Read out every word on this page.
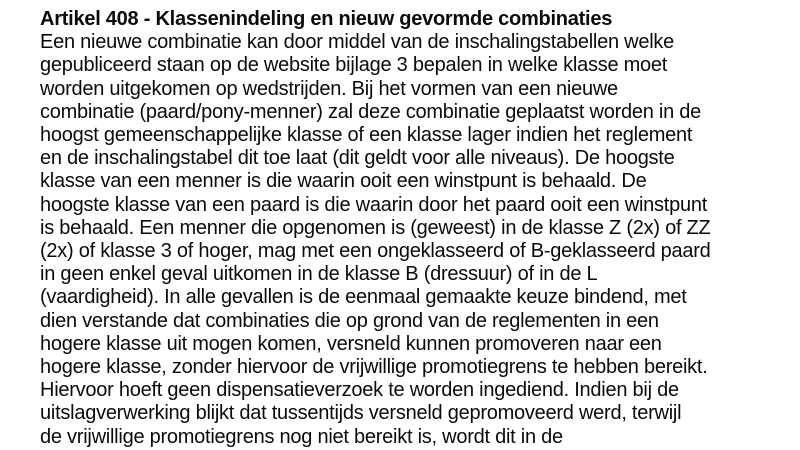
Artikel 408 - Klassenindeling en nieuw gevormde combinaties

Een nieuwe combinatie kan door middel van de inschalingstabellen welke

gepubliceerd staan op de website bijlage 3 bepalen in welke klasse moet

worden uitgekomen op wedstrijden. Bij het vormen van een nieuwe

combinatie (paard/pony-menner) zal deze combinatie geplaatst worden in de

hoogst gemeenschappelijke klasse of een klasse lager indien het reglement

en de inschalingstabel dit toe laat (dit geldt voor alle niveaus). De hoogste

klasse van een menner is die waarin ooit een winstpunt is behaald. De

hoogste klasse van een paard is die waarin door het paard ooit een winstpunt

is behaald. Een menner die opgenomen is (geweest) in de klasse Z (2x) of ZZ

(2x) of klasse 3 of hoger, mag met een ongeklasseerd of B-geklasseerd paard

in geen enkel geval uitkomen in de klasse B (dressuur) of in de L

(vaardigheid). In alle gevallen is de eenmaal gemaakte keuze bindend, met

dien verstande dat combinaties die op grond van de reglementen in een

hogere klasse uit mogen komen, versneld kunnen promoveren naar een

hogere klasse, zonder hiervoor de vrijwillige promotiegrens te hebben bereikt.

Hiervoor hoeft geen dispensatieverzoek te worden ingediend. Indien bij de

uitslagverwerking blijkt dat tussentijds versneld gepromoveerd werd, terwijl

de vrijwillige promotiegrens nog niet bereikt is, wordt dit in de
